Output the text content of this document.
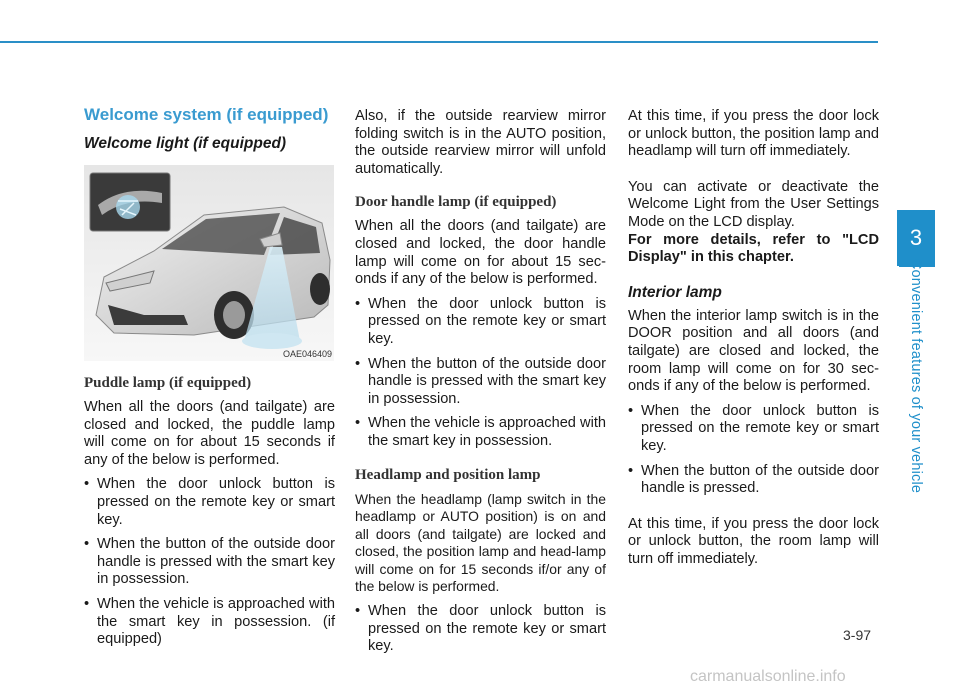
3
Convenient features of your vehicle
Welcome system (if equipped)
Welcome light (if equipped)
OAE046409
Puddle lamp (if equipped)

When all the doors (and tailgate) are closed and locked, the puddle lamp will come on for about 15 seconds if any of the below is performed.

• When the door unlock button is pressed on the remote key or smart key.
• When the button of the outside door handle is pressed with the smart key in possession.
• When the vehicle is approached with the smart key in possession. (if equipped)

Also, if the outside rearview mirror folding switch is in the AUTO position, the outside rearview mirror will unfold automatically.

Door handle lamp (if equipped)

When all the doors (and tailgate) are closed and locked, the door handle lamp will come on for about 15 sec-onds if any of the below is performed.

• When the door unlock button is pressed on the remote key or smart key.
• When the button of the outside door handle is pressed with the smart key in possession.
• When the vehicle is approached with the smart key in possession.
Headlamp and position lamp

When the headlamp (lamp switch in the headlamp or AUTO position) is on and all doors (and tailgate) are locked and closed, the position lamp and head-lamp will come on for 15 seconds if/or any of the below is performed.

• When the door unlock button is pressed on the remote key or smart key.

At this time, if you press the door lock or unlock button, the position lamp and headlamp will turn off immediately.

You can activate or deactivate the Welcome Light from the User Settings Mode on the LCD display.

For more details, refer to "LCD Display" in this chapter.

Interior lamp

When the interior lamp switch is in the DOOR position and all doors (and tailgate) are closed and locked, the room lamp will come on for 30 sec-onds if any of the below is performed.

• When the door unlock button is pressed on the remote key or smart key.
• When the button of the outside door handle is pressed.

At this time, if you press the door lock or unlock button, the room lamp will turn off immediately.

3-97
carmanualsonline.info
